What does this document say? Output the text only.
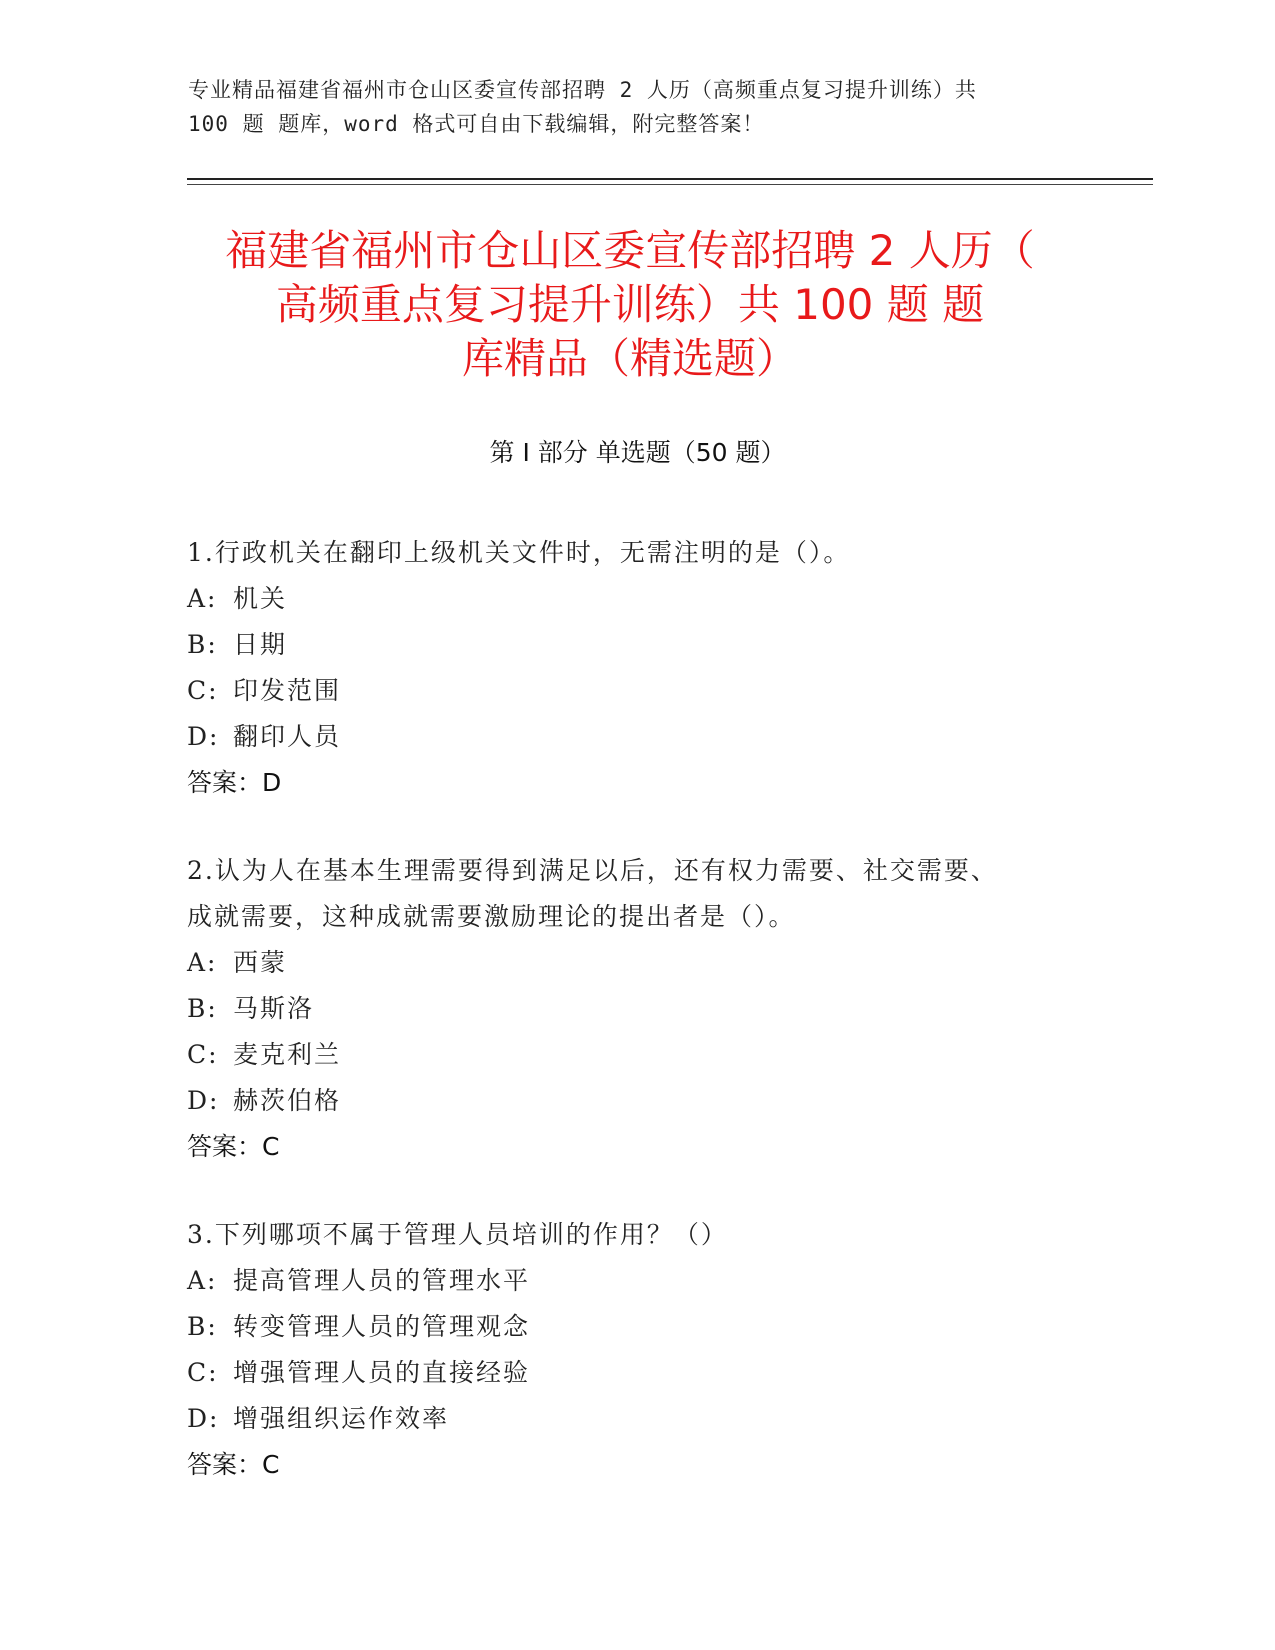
专业精品福建省福州市仓山区委宣传部招聘 2 人历（高频重点复习提升训练）共
100 题 题库，word 格式可自由下载编辑，附完整答案！
福建省福州市仓山区委宣传部招聘 2 人历（
高频重点复习提升训练）共 100 题 题
库精品（精选题）
第 I 部分 单选题（50 题）
1.行政机关在翻印上级机关文件时，无需注明的是（）。
A: 机关
B: 日期
C: 印发范围
D: 翻印人员
答案：D
2.认为人在基本生理需要得到满足以后，还有权力需要、社交需要、
成就需要，这种成就需要激励理论的提出者是（）。
A: 西蒙
B: 马斯洛
C: 麦克利兰
D: 赫茨伯格
答案：C
3.下列哪项不属于管理人员培训的作用？（）
A: 提高管理人员的管理水平
B: 转变管理人员的管理观念
C: 增强管理人员的直接经验
D: 增强组织运作效率
答案：C
